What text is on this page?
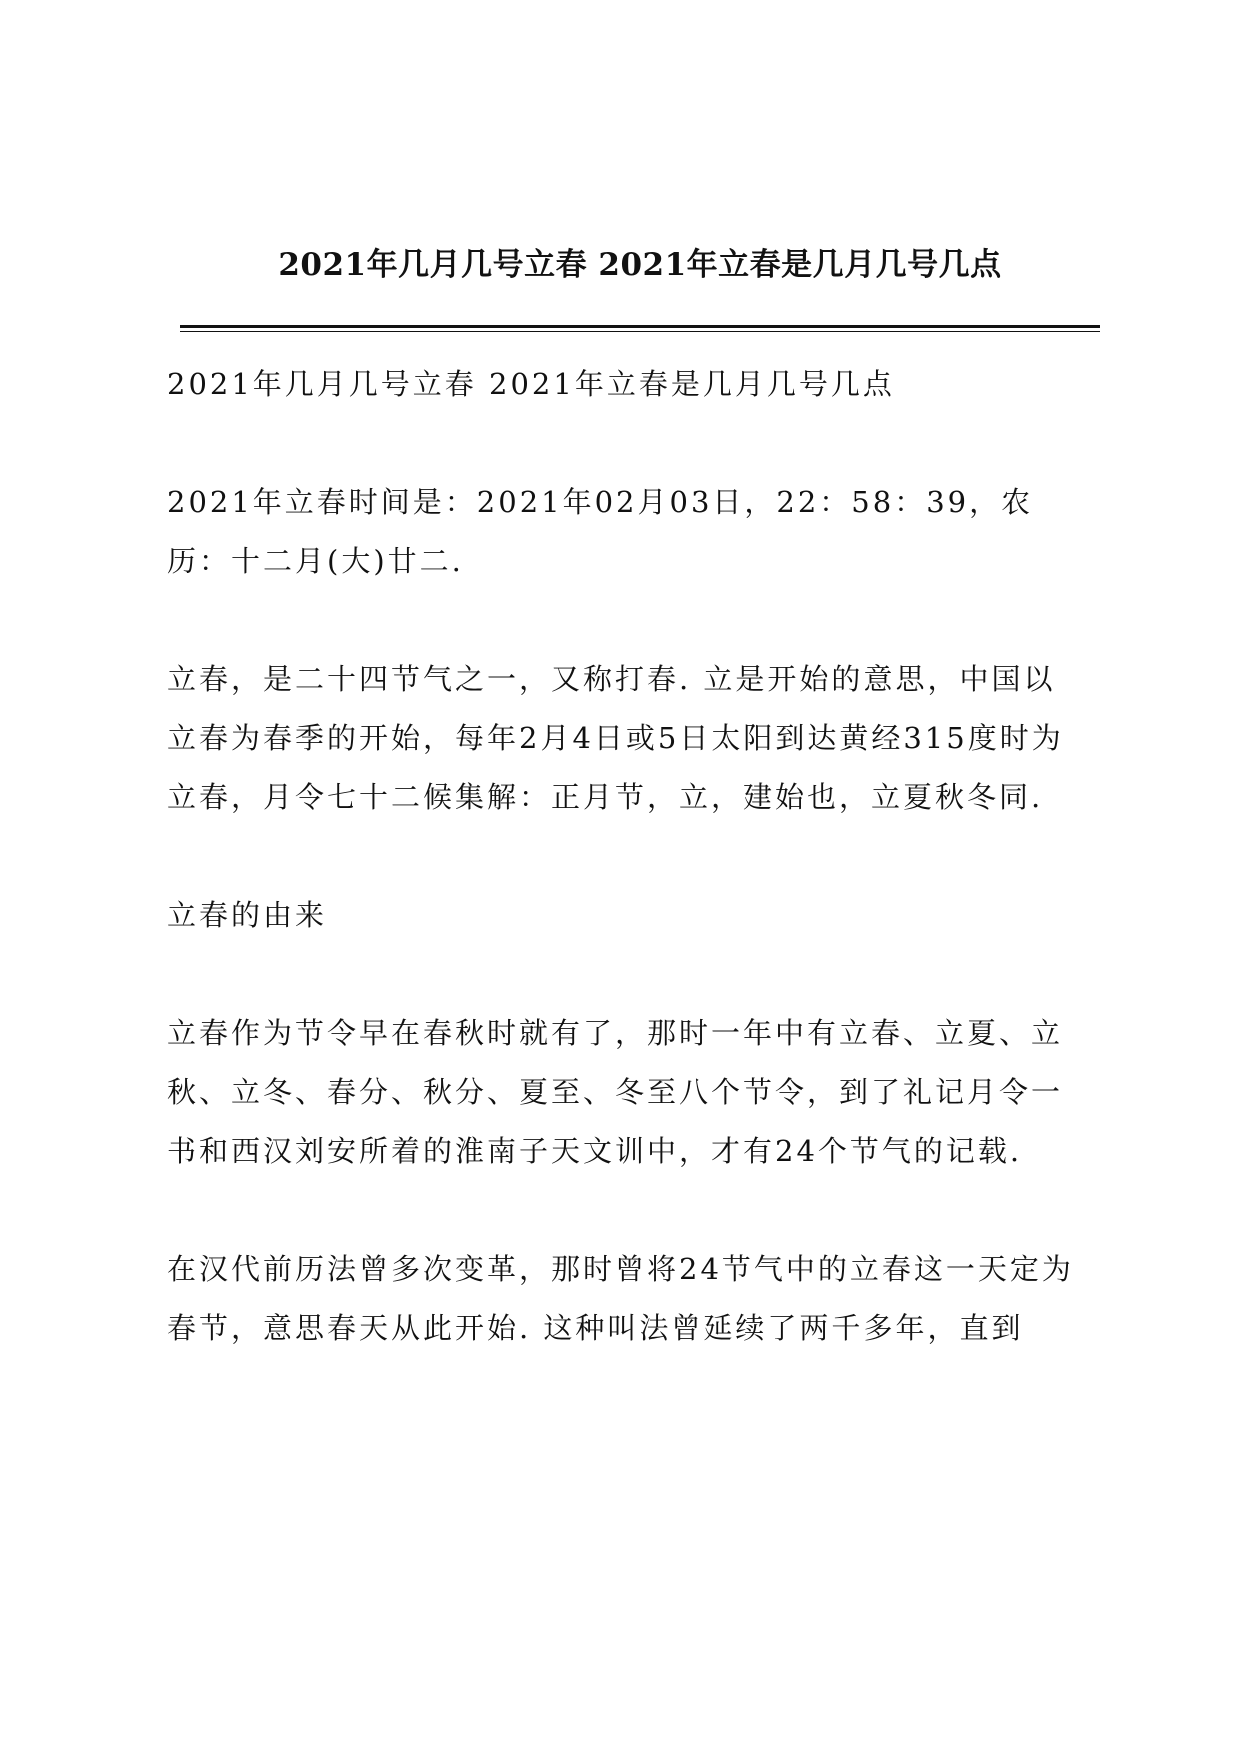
2021年几月几号立春 2021年立春是几月几号几点

2021年几月几号立春 2021年立春是几月几号几点

2021年立春时间是：2021年02月03日，22：58：39，农历：十二月(大)廿二.

立春，是二十四节气之一，又称打春. 立是开始的意思，中国以立春为春季的开始，每年2月4日或5日太阳到达黄经315度时为立春，月令七十二候集解：正月节，立，建始也，立夏秋冬同.

立春的由来

立春作为节令早在春秋时就有了，那时一年中有立春、立夏、立秋、立冬、春分、秋分、夏至、冬至八个节令，到了礼记月令一书和西汉刘安所着的淮南子天文训中，才有24个节气的记载.

在汉代前历法曾多次变革，那时曾将24节气中的立春这一天定为春节，意思春天从此开始. 这种叫法曾延续了两千多年，直到
